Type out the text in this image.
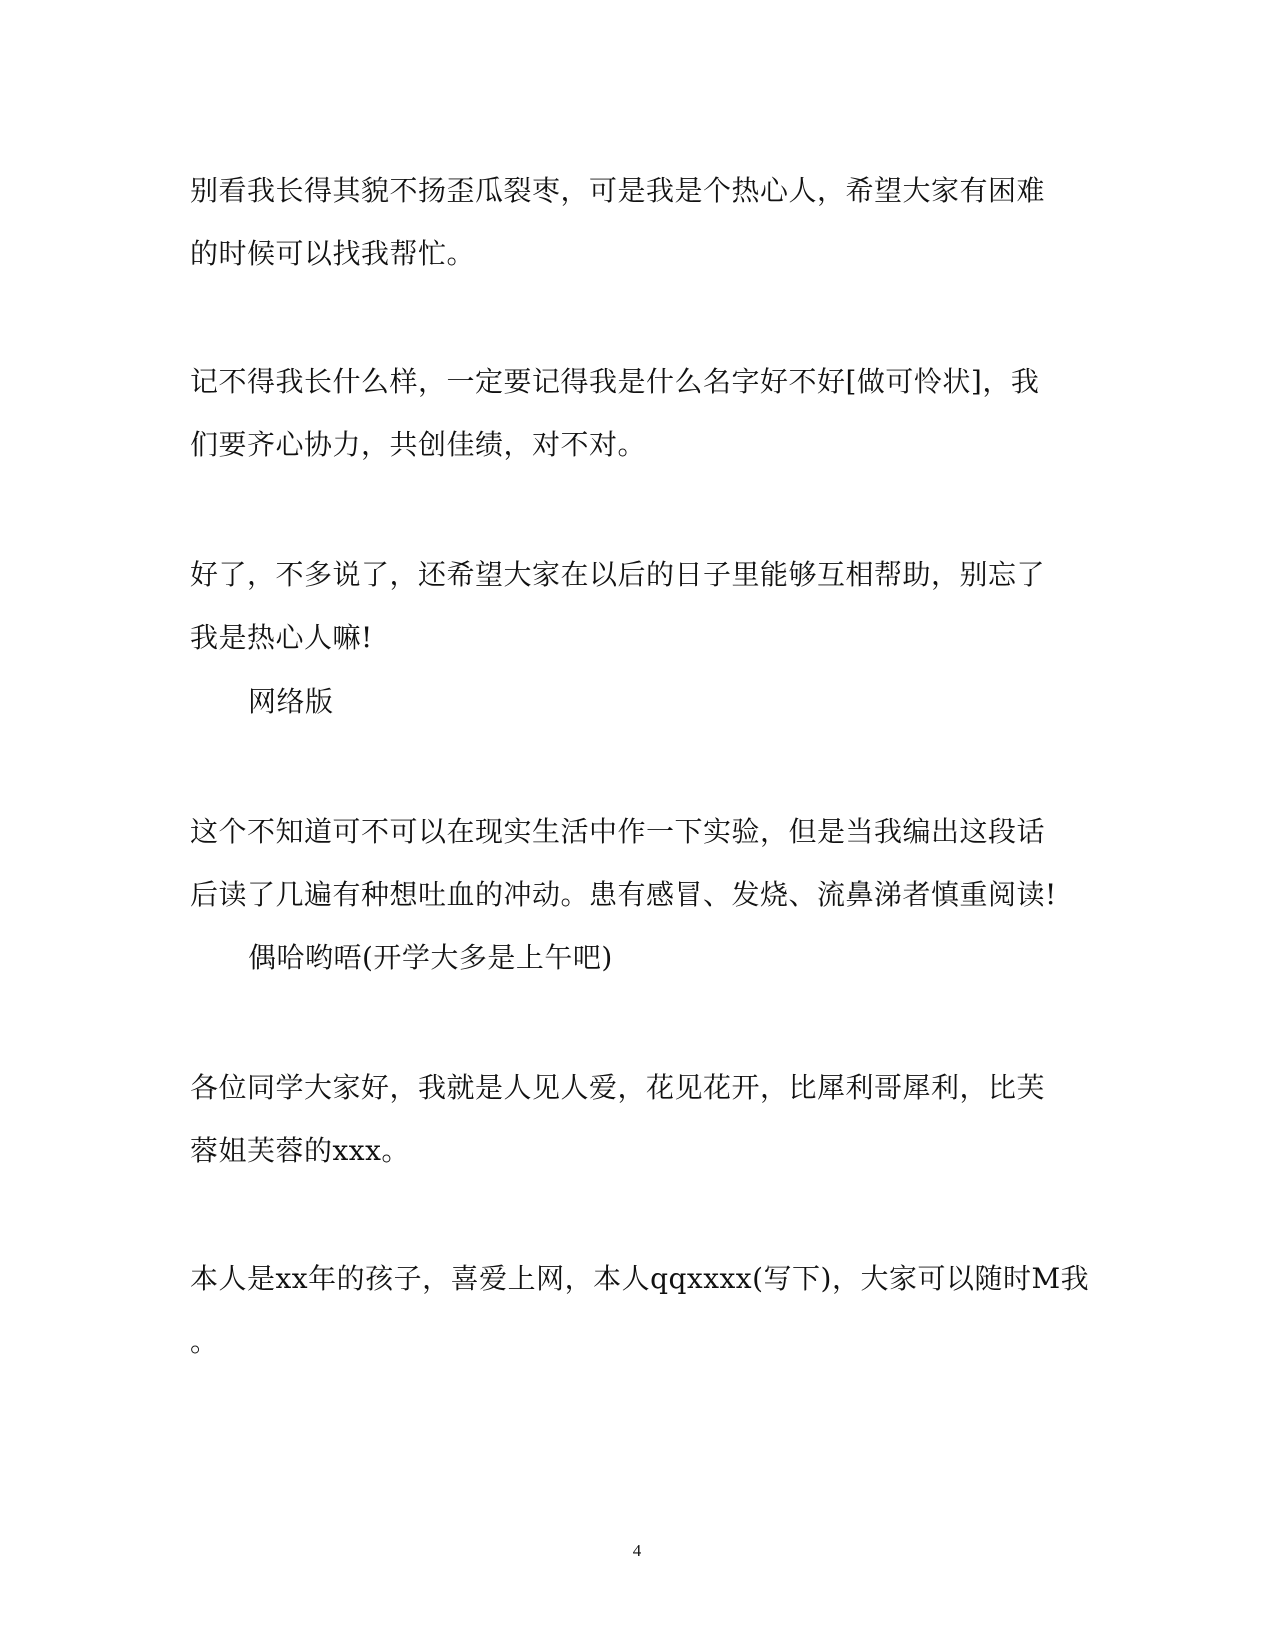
别看我长得其貌不扬歪瓜裂枣，可是我是个热心人，希望大家有困难
的时候可以找我帮忙。
记不得我长什么样，一定要记得我是什么名字好不好[做可怜状]，我
们要齐心协力，共创佳绩，对不对。
好了，不多说了，还希望大家在以后的日子里能够互相帮助，别忘了
我是热心人嘛!
网络版
这个不知道可不可以在现实生活中作一下实验，但是当我编出这段话
后读了几遍有种想吐血的冲动。患有感冒、发烧、流鼻涕者慎重阅读!
偶哈哟唔(开学大多是上午吧)
各位同学大家好，我就是人见人爱，花见花开，比犀利哥犀利，比芙
蓉姐芙蓉的xxx。
本人是xx年的孩子，喜爱上网，本人qqxxxx(写下)，大家可以随时M我
。
4
